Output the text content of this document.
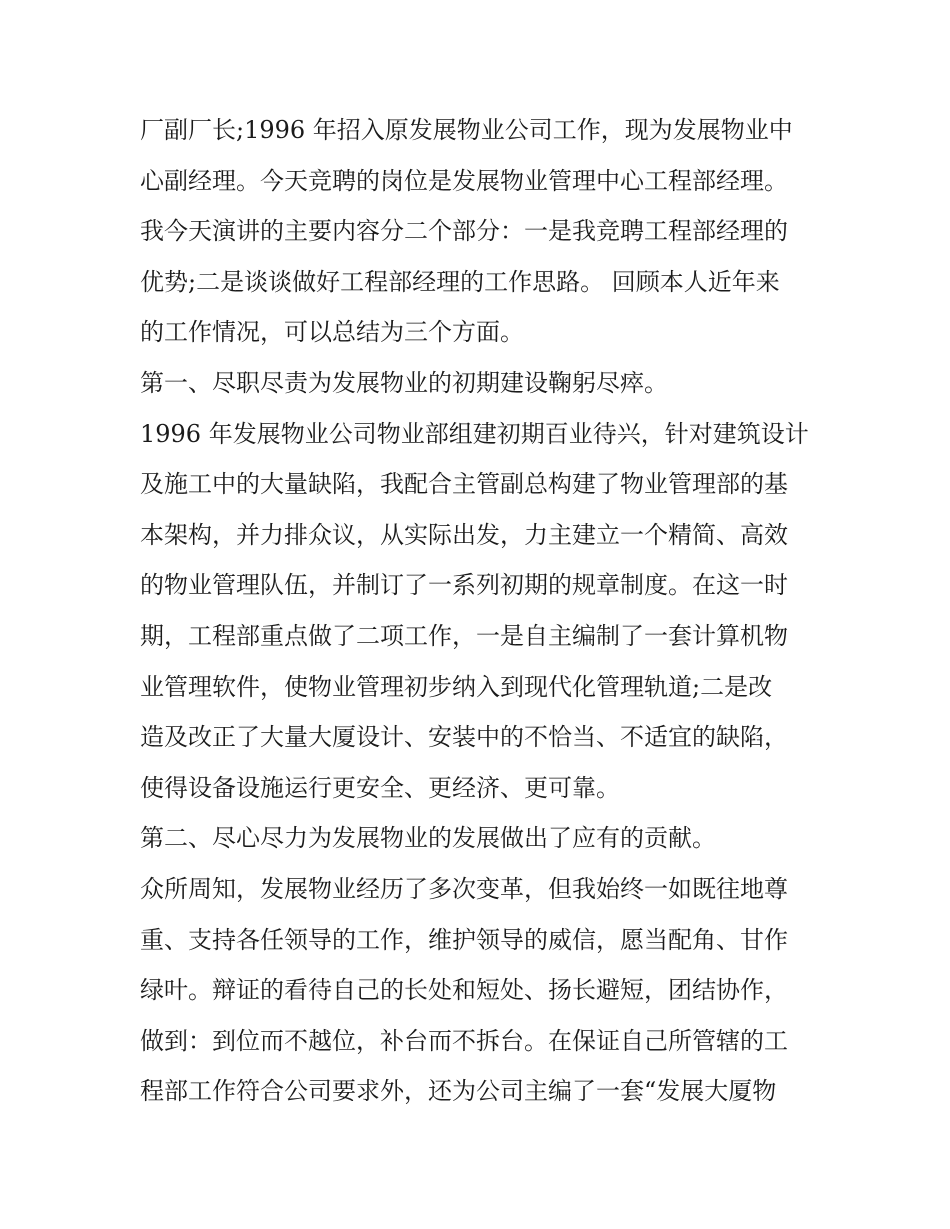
厂副厂长;1996 年招入原发展物业公司工作，现为发展物业中
心副经理。今天竞聘的岗位是发展物业管理中心工程部经理。
我今天演讲的主要内容分二个部分：一是我竞聘工程部经理的
优势;二是谈谈做好工程部经理的工作思路。 回顾本人近年来
的工作情况，可以总结为三个方面。
第一、尽职尽责为发展物业的初期建设鞠躬尽瘁。
1996 年发展物业公司物业部组建初期百业待兴，针对建筑设计
及施工中的大量缺陷，我配合主管副总构建了物业管理部的基
本架构，并力排众议，从实际出发，力主建立一个精简、高效
的物业管理队伍，并制订了一系列初期的规章制度。在这一时
期，工程部重点做了二项工作，一是自主编制了一套计算机物
业管理软件，使物业管理初步纳入到现代化管理轨道;二是改
造及改正了大量大厦设计、安装中的不恰当、不适宜的缺陷，
使得设备设施运行更安全、更经济、更可靠。
第二、尽心尽力为发展物业的发展做出了应有的贡献。
众所周知，发展物业经历了多次变革，但我始终一如既往地尊
重、支持各任领导的工作，维护领导的威信，愿当配角、甘作
绿叶。辩证的看待自己的长处和短处、扬长避短，团结协作，
做到：到位而不越位，补台而不拆台。在保证自己所管辖的工
程部工作符合公司要求外，还为公司主编了一套“发展大厦物
